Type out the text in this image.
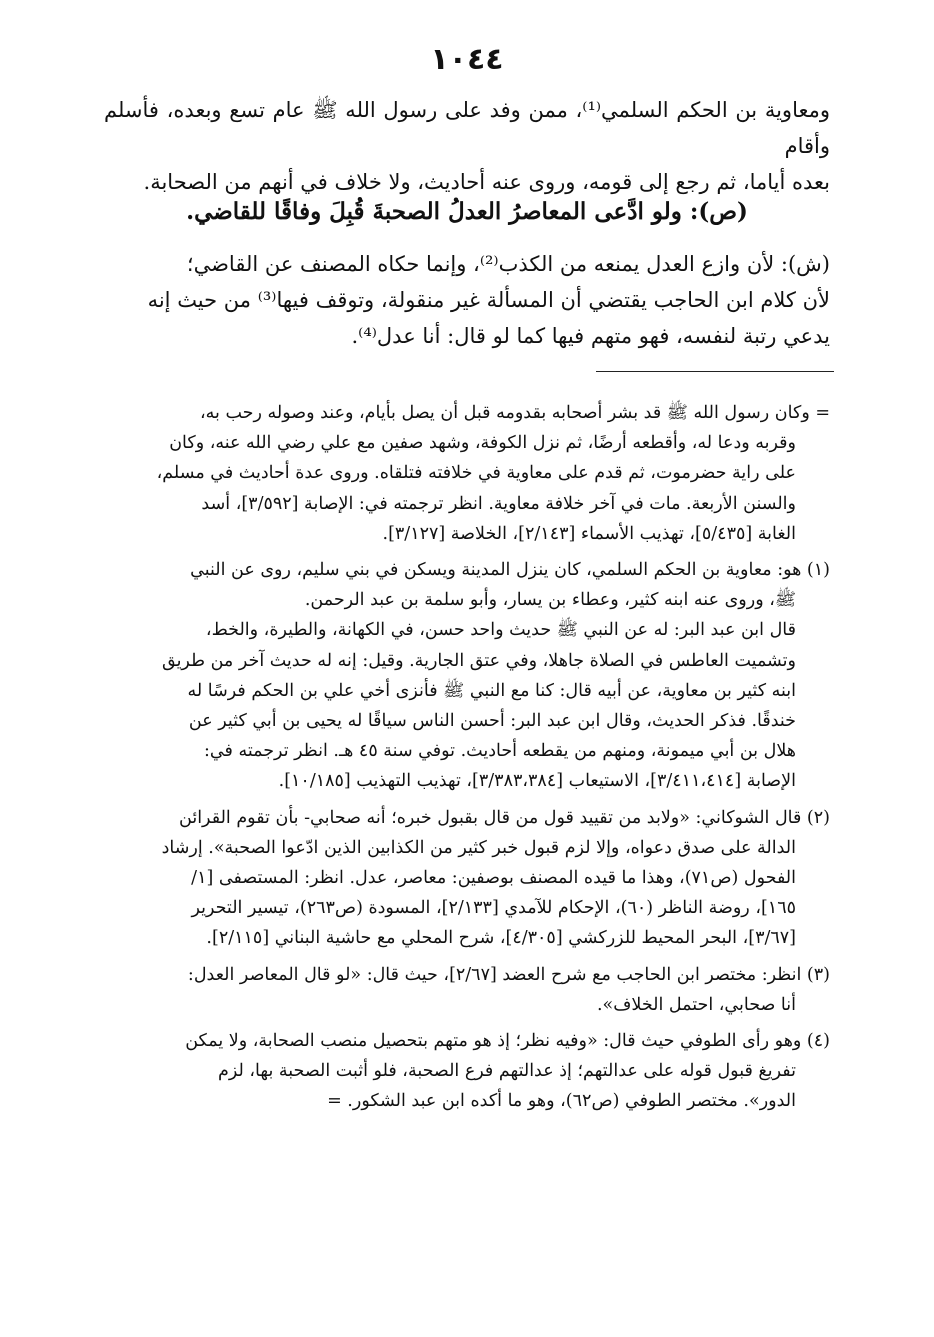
١٠٤٤

ومعاوية بن الحكم السلمي⁽¹⁾، ممن وفد على رسول الله ﷺ عام تسع وبعده، فأسلم وأقام

بعده أياما، ثم رجع إلى قومه، وروى عنه أحاديث، ولا خلاف في أنهم من الصحابة.

(ص): ولو ادَّعى المعاصرُ العدلُ الصحبةَ قُبِلَ وفاقًا للقاضي.

(ش): لأن وازع العدل يمنعه من الكذب⁽²⁾، وإنما حكاه المصنف عن القاضي؛

لأن كلام ابن الحاجب يقتضي أن المسألة غير منقولة، وتوقف فيها⁽³⁾ من حيث إنه

يدعي رتبة لنفسه، فهو متهم فيها كما لو قال: أنا عدل⁽⁴⁾.

= وكان رسول الله ﷺ قد بشر أصحابه بقدومه قبل أن يصل بأيام، وعند وصوله رحب به،

وقربه ودعا له، وأقطعه أرضًا، ثم نزل الكوفة، وشهد صفين مع علي رضي الله عنه، وكان

على راية حضرموت، ثم قدم على معاوية في خلافته فتلقاه. وروى عدة أحاديث في مسلم،

والسنن الأربعة. مات في آخر خلافة معاوية. انظر ترجمته في: الإصابة [٣/٥٩٢]، أسد

الغابة [٥/٤٣٥]، تهذيب الأسماء [٢/١٤٣]، الخلاصة [٣/١٢٧].

(١) هو: معاوية بن الحكم السلمي، كان ينزل المدينة ويسكن في بني سليم، روى عن النبي

ﷺ، وروى عنه ابنه كثير، وعطاء بن يسار، وأبو سلمة بن عبد الرحمن.

قال ابن عبد البر: له عن النبي ﷺ حديث واحد حسن، في الكهانة، والطيرة، والخط،

وتشميت العاطس في الصلاة جاهلا، وفي عتق الجارية. وقيل: إنه له حديث آخر من طريق

ابنه كثير بن معاوية، عن أبيه قال: كنا مع النبي ﷺ فأنزى أخي علي بن الحكم فرسًا له

خندقًا. فذكر الحديث، وقال ابن عبد البر: أحسن الناس سياقًا له يحيى بن أبي كثير عن

هلال بن أبي ميمونة، ومنهم من يقطعه أحاديث. توفي سنة ٤٥ هـ. انظر ترجمته في:

الإصابة [٣/٤١١،٤١٤]، الاستيعاب [٣/٣٨٣،٣٨٤]، تهذيب التهذيب [١٠/١٨٥].

(٢) قال الشوكاني: «ولابد من تقييد قول من قال بقبول خبره؛ أنه صحابي- بأن تقوم القرائن

الدالة على صدق دعواه، وإلا لزم قبول خبر كثير من الكذابين الذين ادّعوا الصحبة». إرشاد

الفحول (ص٧١)، وهذا ما قيده المصنف بوصفين: معاصر، عدل. انظر: المستصفى [١/

١٦٥]، روضة الناظر (٦٠)، الإحكام للآمدي [٢/١٣٣]، المسودة (ص٢٦٣)، تيسير التحرير

[٣/٦٧]، البحر المحيط للزركشي [٤/٣٠٥]، شرح المحلي مع حاشية البناني [٢/١١٥].

(٣) انظر: مختصر ابن الحاجب مع شرح العضد [٢/٦٧]، حيث قال: «لو قال المعاصر العدل:

أنا صحابي، احتمل الخلاف».

(٤) وهو رأى الطوفي حيث قال: «وفيه نظر؛ إذ هو متهم بتحصيل منصب الصحابة، ولا يمكن

تفريغ قبول قوله على عدالتهم؛ إذ عدالتهم فرع الصحبة، فلو أثبت الصحبة بها، لزم

الدور». مختصر الطوفي (ص٦٢)، وهو ما أكده ابن عبد الشكور. =
